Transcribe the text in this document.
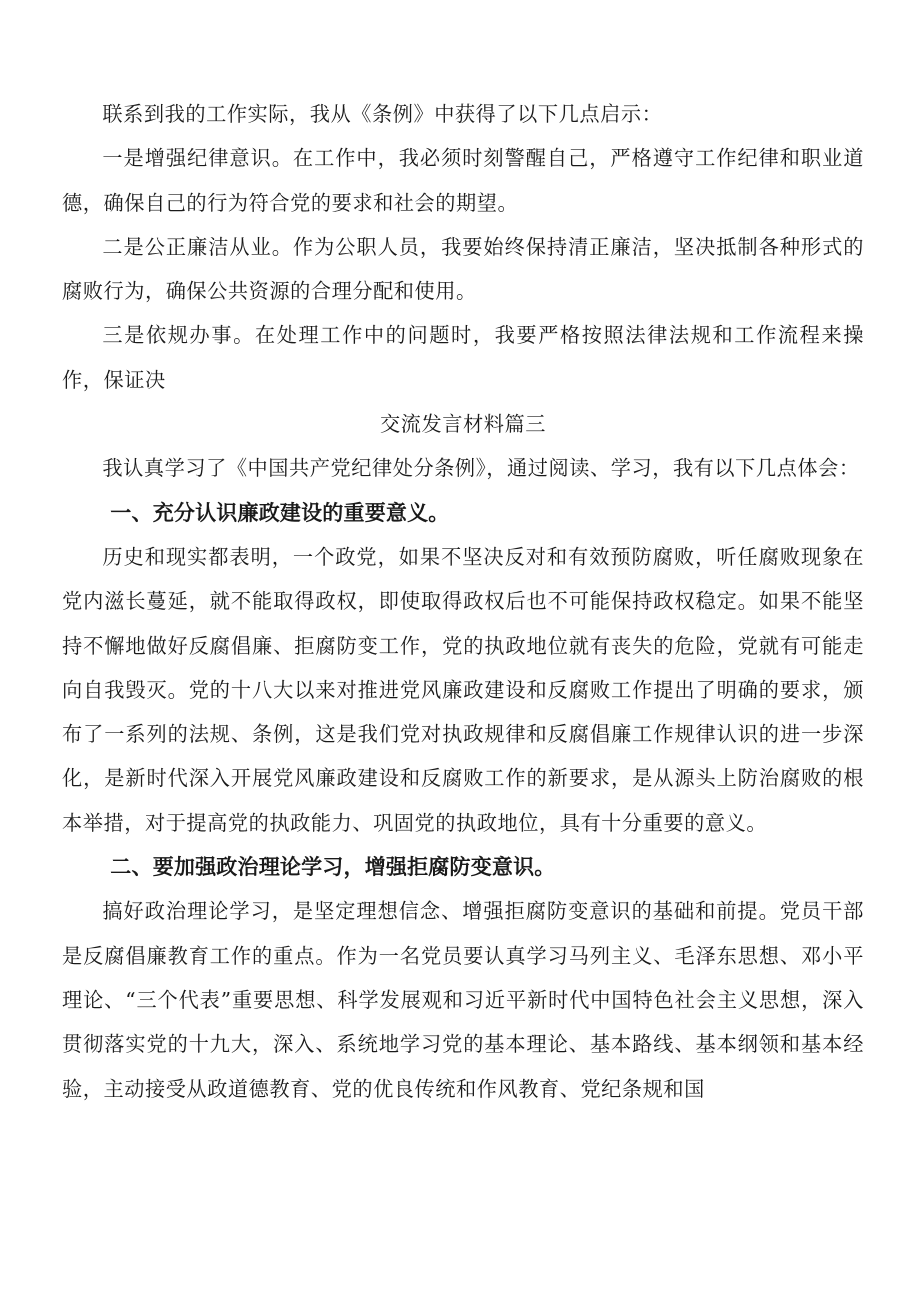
联系到我的工作实际，我从《条例》中获得了以下几点启示：

一是增强纪律意识。在工作中，我必须时刻警醒自己，严格遵守工作纪律和职业道德，确保自己的行为符合党的要求和社会的期望。

二是公正廉洁从业。作为公职人员，我要始终保持清正廉洁，坚决抵制各种形式的腐败行为，确保公共资源的合理分配和使用。

三是依规办事。在处理工作中的问题时，我要严格按照法律法规和工作流程来操作，保证决

交流发言材料篇三

我认真学习了《中国共产党纪律处分条例》，通过阅读、学习，我有以下几点体会：

一、充分认识廉政建设的重要意义。

历史和现实都表明，一个政党，如果不坚决反对和有效预防腐败，听任腐败现象在党内滋长蔓延，就不能取得政权，即使取得政权后也不可能保持政权稳定。如果不能坚持不懈地做好反腐倡廉、拒腐防变工作，党的执政地位就有丧失的危险，党就有可能走向自我毁灭。党的十八大以来对推进党风廉政建设和反腐败工作提出了明确的要求，颁布了一系列的法规、条例，这是我们党对执政规律和反腐倡廉工作规律认识的进一步深化，是新时代深入开展党风廉政建设和反腐败工作的新要求，是从源头上防治腐败的根本举措，对于提高党的执政能力、巩固党的执政地位，具有十分重要的意义。

二、要加强政治理论学习，增强拒腐防变意识。

搞好政治理论学习，是坚定理想信念、增强拒腐防变意识的基础和前提。党员干部是反腐倡廉教育工作的重点。作为一名党员要认真学习马列主义、毛泽东思想、邓小平理论、“三个代表”重要思想、科学发展观和习近平新时代中国特色社会主义思想，深入贯彻落实党的十九大，深入、系统地学习党的基本理论、基本路线、基本纲领和基本经验，主动接受从政道德教育、党的优良传统和作风教育、党纪条规和国
